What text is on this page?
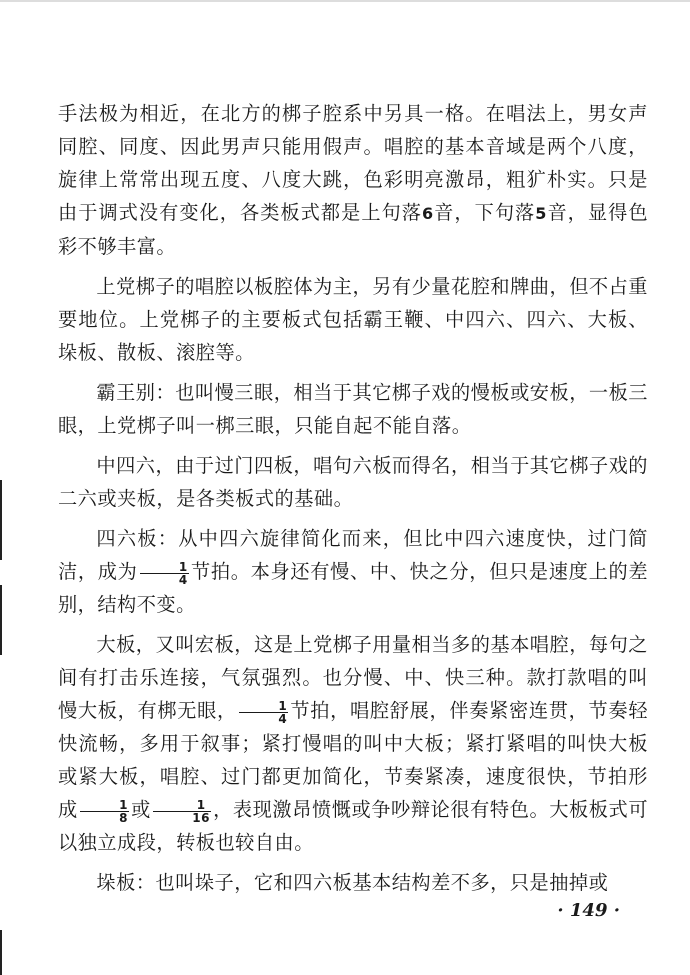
手法极为相近，在北方的梆子腔系中另具一格。在唱法上，男女声同腔、同度、因此男声只能用假声。唱腔的基本音域是两个八度，旋律上常常出现五度、八度大跳，色彩明亮激昂，粗犷朴实。只是由于调式没有变化，各类板式都是上句落6音，下句落5音，显得色彩不够丰富。

上党梆子的唱腔以板腔体为主，另有少量花腔和牌曲，但不占重要地位。上党梆子的主要板式包括霸王鞭、中四六、四六、大板、垛板、散板、滚腔等。

霸王别：也叫慢三眼，相当于其它梆子戏的慢板或安板，一板三眼，上党梆子叫一梆三眼，只能自起不能自落。

中四六，由于过门四板，唱句六板而得名，相当于其它梆子戏的二六或夹板，是各类板式的基础。

四六板：从中四六旋律简化而来，但比中四六速度快，过门简洁，成为 $\frac{1}{4}$ 节拍。本身还有慢、中、快之分，但只是速度上的差别，结构不变。

大板，又叫宏板，这是上党梆子用量相当多的基本唱腔，每句之间有打击乐连接，气氛强烈。也分慢、中、快三种。款打款唱的叫慢大板，有梆无眼， $\frac{1}{4}$ 节拍，唱腔舒展，伴奏紧密连贯，节奏轻快流畅，多用于叙事；紧打慢唱的叫中大板；紧打紧唱的叫快大板或紧大板，唱腔、过门都更加简化，节奏紧凑，速度很快，节拍形成 $\frac{1}{8}$ 或 $\frac{1}{16}$ ，表现激昂愤慨或争吵辩论很有特色。大板板式可以独立成段，转板也较自由。

垛板：也叫垛子，它和四六板基本结构差不多，只是抽掉或

· 149 ·
